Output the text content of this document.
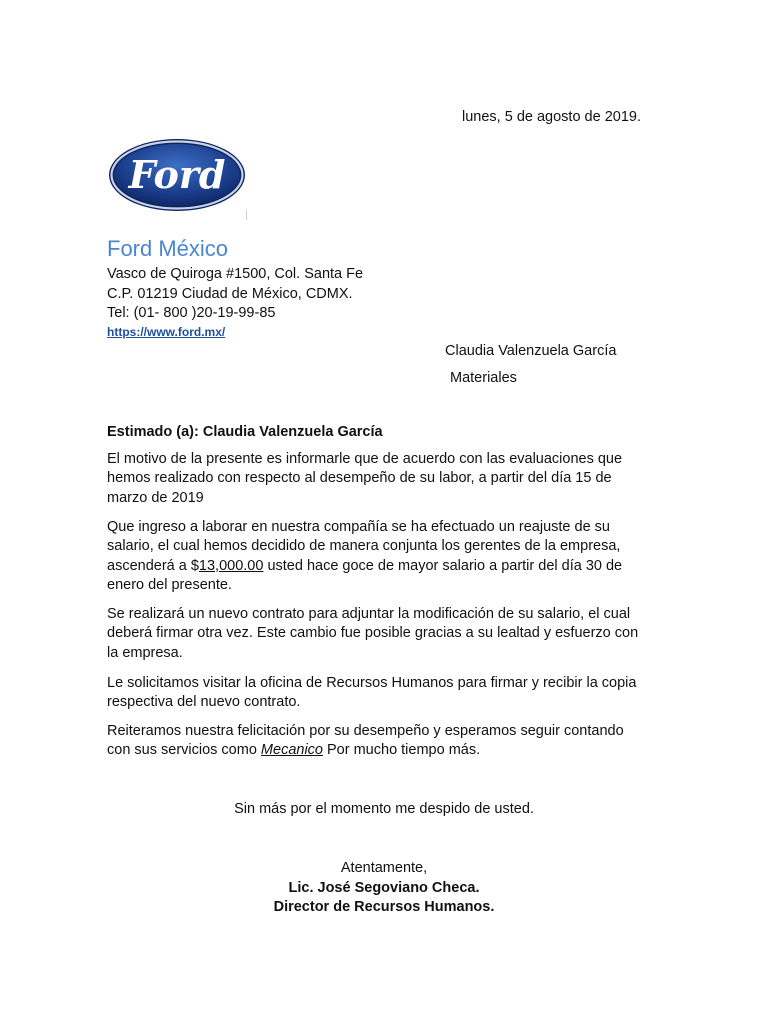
lunes, 5 de agosto de 2019.
Ford
Ford México
Vasco de Quiroga #1500, Col. Santa Fe
C.P. 01219 Ciudad de México, CDMX.
Tel: (01- 800 )20-19-99-85
https://www.ford.mx/
Claudia Valenzuela García
Materiales
Estimado (a): Claudia Valenzuela García

El motivo de la presente es informarle que de acuerdo con las evaluaciones que hemos realizado con respecto al desempeño de su labor, a partir del día 15 de marzo de 2019

Que ingreso a laborar en nuestra compañía se ha efectuado un reajuste de su salario, el cual hemos decidido de manera conjunta los gerentes de la empresa, ascenderá a $13,000.00 usted hace goce de mayor salario a partir del día 30 de enero del presente.

Se realizará un nuevo contrato para adjuntar la modificación de su salario, el cual deberá firmar otra vez. Este cambio fue posible gracias a su lealtad y esfuerzo con la empresa.

Le solicitamos visitar la oficina de Recursos Humanos para firmar y recibir la copia respectiva del nuevo contrato.

Reiteramos nuestra felicitación por su desempeño y esperamos seguir contando con sus servicios como Mecanico Por mucho tiempo más.

Sin más por el momento me despido de usted.
Atentamente,
Lic. José Segoviano Checa.
Director de Recursos Humanos.
